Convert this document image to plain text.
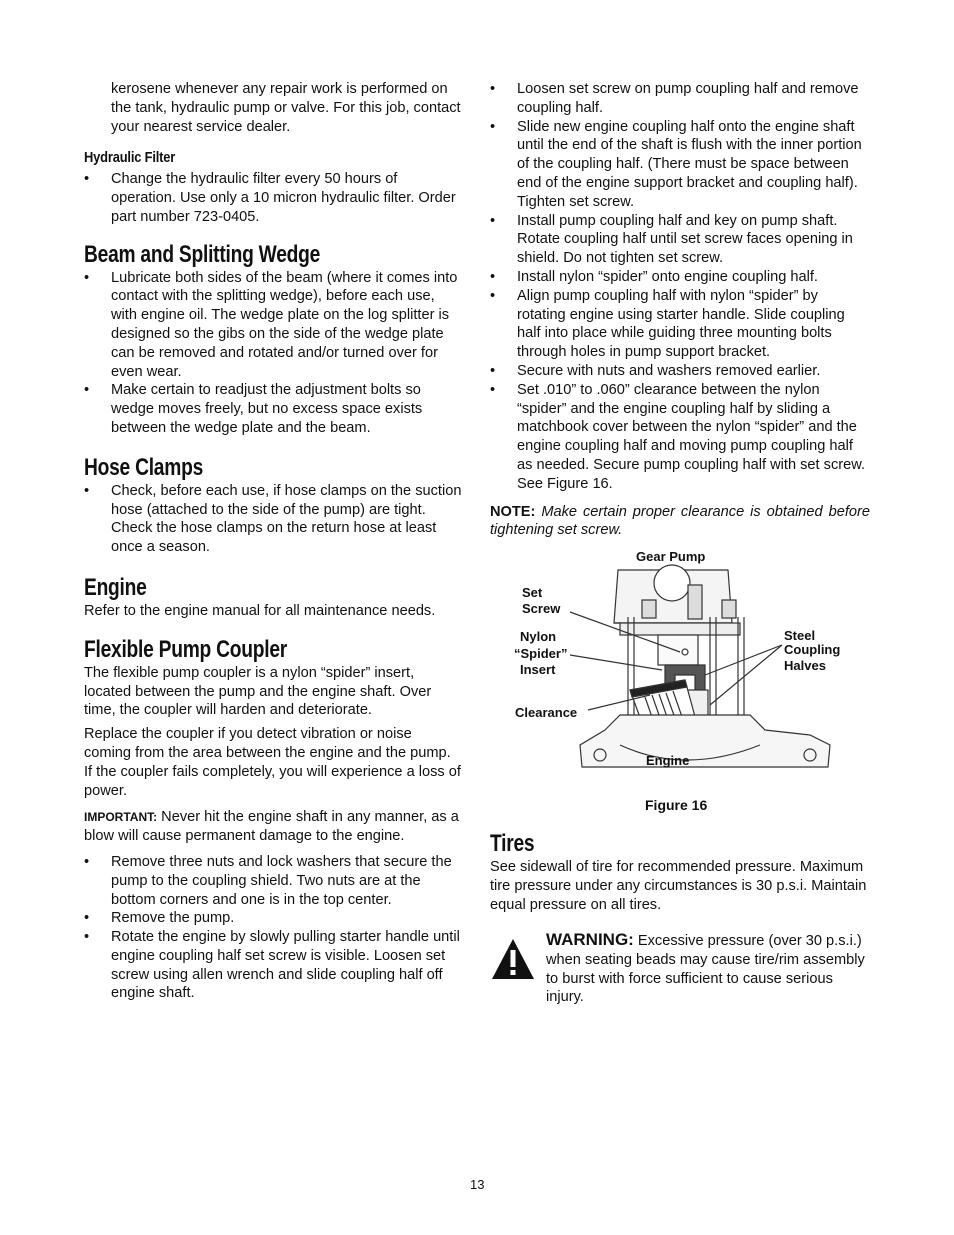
kerosene whenever any repair work is performed on the tank, hydraulic pump or valve. For this job, contact your nearest service dealer.

Hydraulic Filter
• Change the hydraulic filter every 50 hours of operation. Use only a 10 micron hydraulic filter. Order part number 723-0405.
Beam and Splitting Wedge
• Lubricate both sides of the beam (where it comes into contact with the splitting wedge), before each use, with engine oil. The wedge plate on the log splitter is designed so the gibs on the side of the wedge plate can be removed and rotated and/or turned over for even wear.
• Make certain to readjust the adjustment bolts so wedge moves freely, but no excess space exists between the wedge plate and the beam.
Hose Clamps
• Check, before each use, if hose clamps on the suction hose (attached to the side of the pump) are tight. Check the hose clamps on the return hose at least once a season.
Engine

Refer to the engine manual for all maintenance needs.

Flexible Pump Coupler

The flexible pump coupler is a nylon “spider” insert, located between the pump and the engine shaft. Over time, the coupler will harden and deteriorate.

Replace the coupler if you detect vibration or noise coming from the area between the engine and the pump. If the coupler fails completely, you will experience a loss of power.

IMPORTANT: Never hit the engine shaft in any manner, as a blow will cause permanent damage to the engine.

• Remove three nuts and lock washers that secure the pump to the coupling shield. Two nuts are at the bottom corners and one is in the top center.
• Remove the pump.
• Rotate the engine by slowly pulling starter handle until engine coupling half set screw is visible. Loosen set screw using allen wrench and slide coupling half off engine shaft.
• Loosen set screw on pump coupling half and remove coupling half.
• Slide new engine coupling half onto the engine shaft until the end of the shaft is flush with the inner portion of the coupling half. (There must be space between end of the engine support bracket and coupling half). Tighten set screw.
• Install pump coupling half and key on pump shaft. Rotate coupling half until set screw faces opening in shield. Do not tighten set screw.
• Install nylon “spider” onto engine coupling half.
• Align pump coupling half with nylon “spider” by rotating engine using starter handle. Slide coupling half into place while guiding three mounting bolts through holes in pump support bracket.
• Secure with nuts and washers removed earlier.
• Set .010” to .060” clearance between the nylon “spider” and the engine coupling half by sliding a matchbook cover between the nylon “spider” and the engine coupling half and moving pump coupling half as needed. Secure pump coupling half with set screw. See Figure 16.

NOTE: Make certain proper clearance is obtained before tightening set screw.

Gear Pump
Set
Screw
Nylon
“Spider”
Insert
Steel
Coupling
Halves
Clearance
Engine
Figure 16
Tires

See sidewall of tire for recommended pressure. Maximum tire pressure under any circumstances is 30 p.s.i. Maintain equal pressure on all tires.

WARNING: Excessive pressure (over 30 p.s.i.) when seating beads may cause tire/rim assembly to burst with force sufficient to cause serious injury.

13
